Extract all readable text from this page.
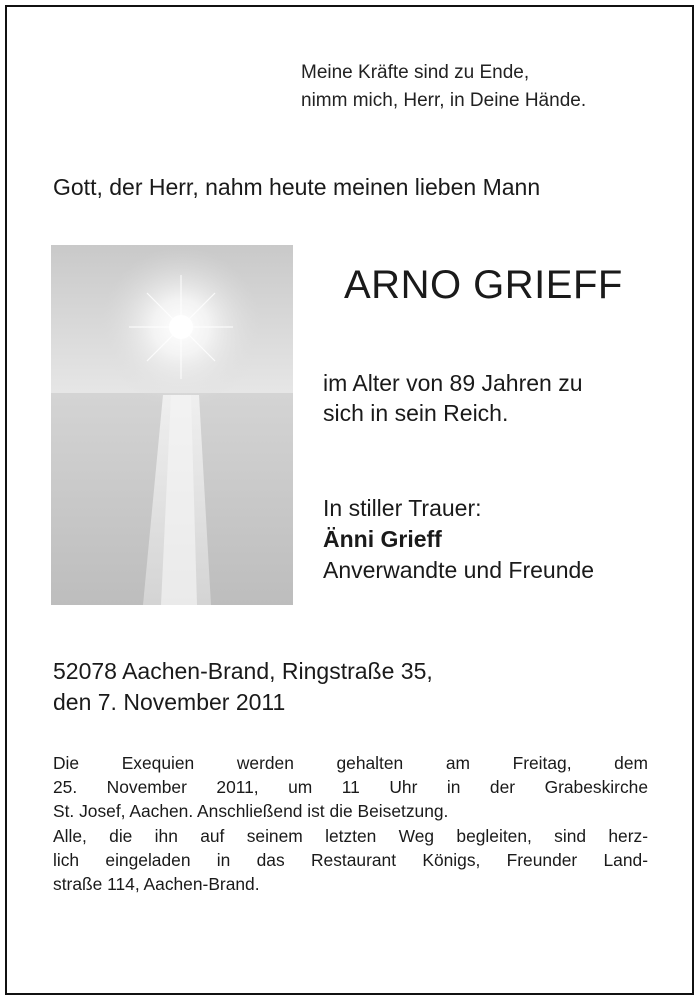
Meine Kräfte sind zu Ende,
nimm mich, Herr, in Deine Hände.
Gott, der Herr, nahm heute meinen lieben Mann
ARNO GRIEFF
im Alter von 89 Jahren zu
sich in sein Reich.
In stiller Trauer:
Änni Grieff
Anverwandte und Freunde
52078 Aachen-Brand, Ringstraße 35,
den 7. November 2011
Die Exequien werden gehalten am Freitag, dem
25. November 2011, um 11 Uhr in der Grabeskirche
St. Josef, Aachen. Anschließend ist die Beisetzung.
Alle, die ihn auf seinem letzten Weg begleiten, sind herz-
lich eingeladen in das Restaurant Königs, Freunder Land-
straße 114, Aachen-Brand.
